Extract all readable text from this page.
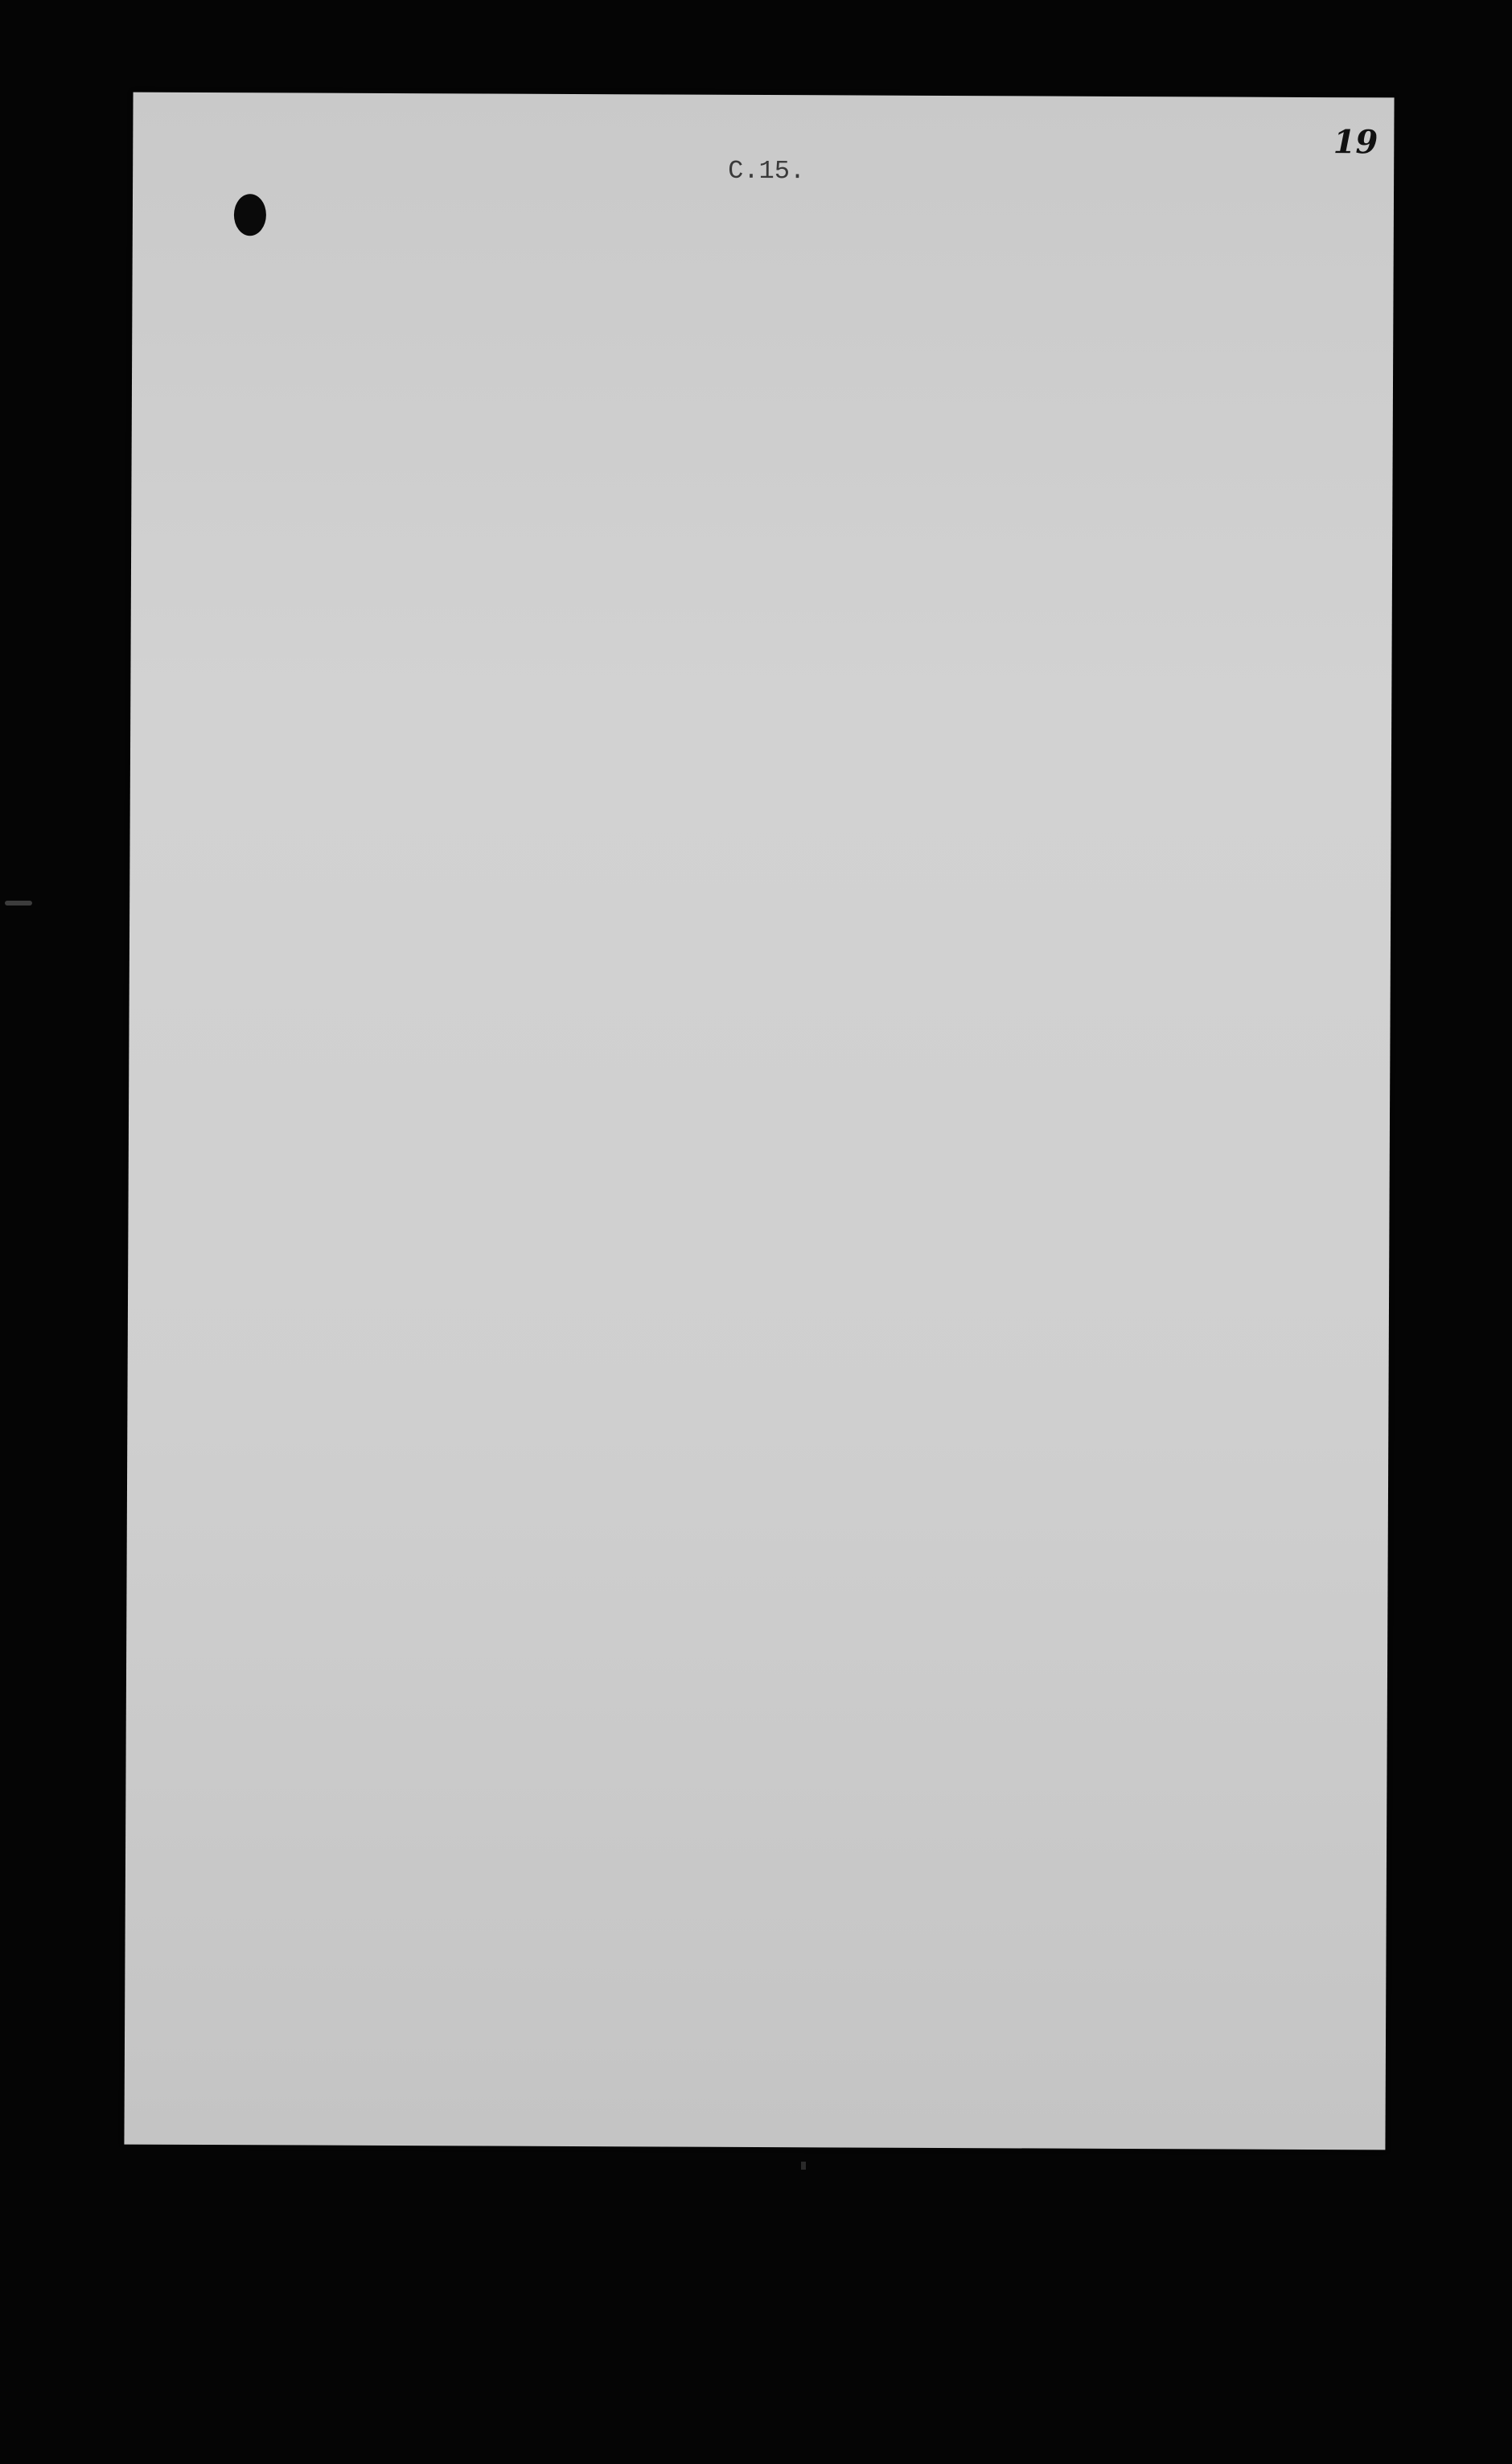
C.15.

19
